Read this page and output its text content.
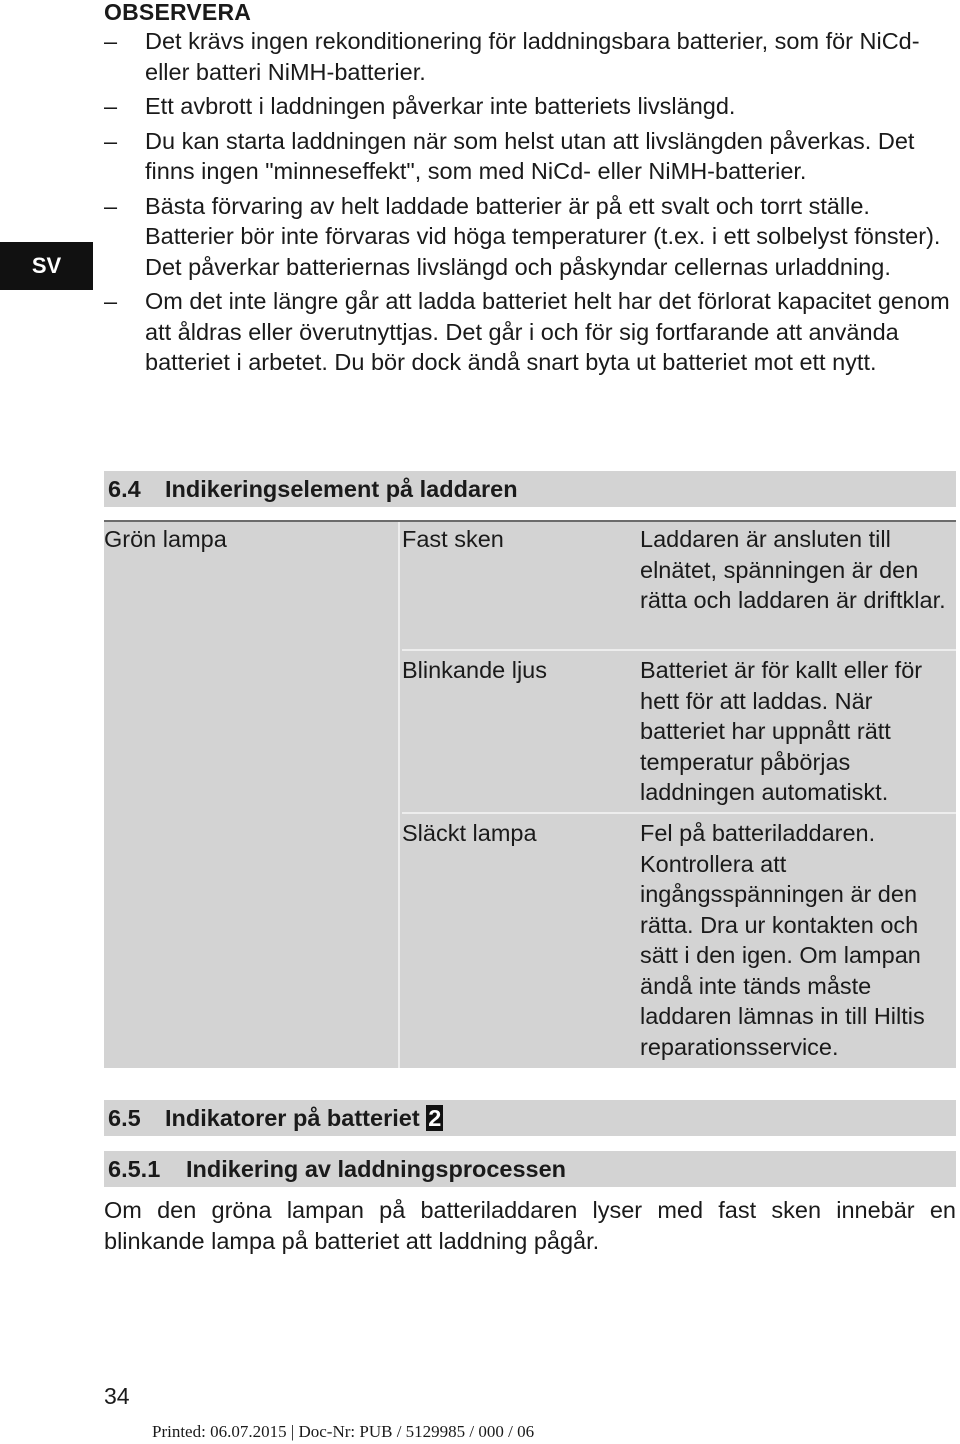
SV
OBSERVERA
– Det krävs ingen rekonditionering för laddningsbara batterier, som för NiCd- eller batteri NiMH-batterier.
– Ett avbrott i laddningen påverkar inte batteriets livslängd.
– Du kan starta laddningen när som helst utan att livslängden påverkas. Det finns ingen "minneseffekt", som med NiCd- eller NiMH-batterier.
– Bästa förvaring av helt laddade batterier är på ett svalt och torrt ställe. Batterier bör inte förvaras vid höga temperaturer (t.ex. i ett solbelyst fönster). Det påverkar batteriernas livslängd och påskyndar cellernas urladdning.
– Om det inte längre går att ladda batteriet helt har det förlorat kapacitet genom att åldras eller överutnyttjas. Det går i och för sig fortfarande att använda batteriet i arbetet. Du bör dock ändå snart byta ut batteriet mot ett nytt.
6.4 Indikeringselement på laddaren
Grön lampa	Fast sken	Laddaren är ansluten till elnätet, spänningen är den rätta och laddaren är driftklar.
Blinkande ljus	Batteriet är för kallt eller för hett för att laddas. När batteriet har uppnått rätt temperatur påbörjas laddningen automatiskt.
Släckt lampa	Fel på batteriladdaren. Kontrollera att ingångsspänningen är den rätta. Dra ur kontakten och sätt i den igen. Om lampan ändå inte tänds måste laddaren lämnas in till Hiltis reparationsservice.
6.5 Indikatorer på batteriet 2
6.5.1 Indikering av laddningsprocessen
Om den gröna lampan på batteriladdaren lyser med fast sken innebär en blinkande lampa på batteriet att laddning pågår.
34
Printed: 06.07.2015 | Doc-Nr: PUB / 5129985 / 000 / 06
